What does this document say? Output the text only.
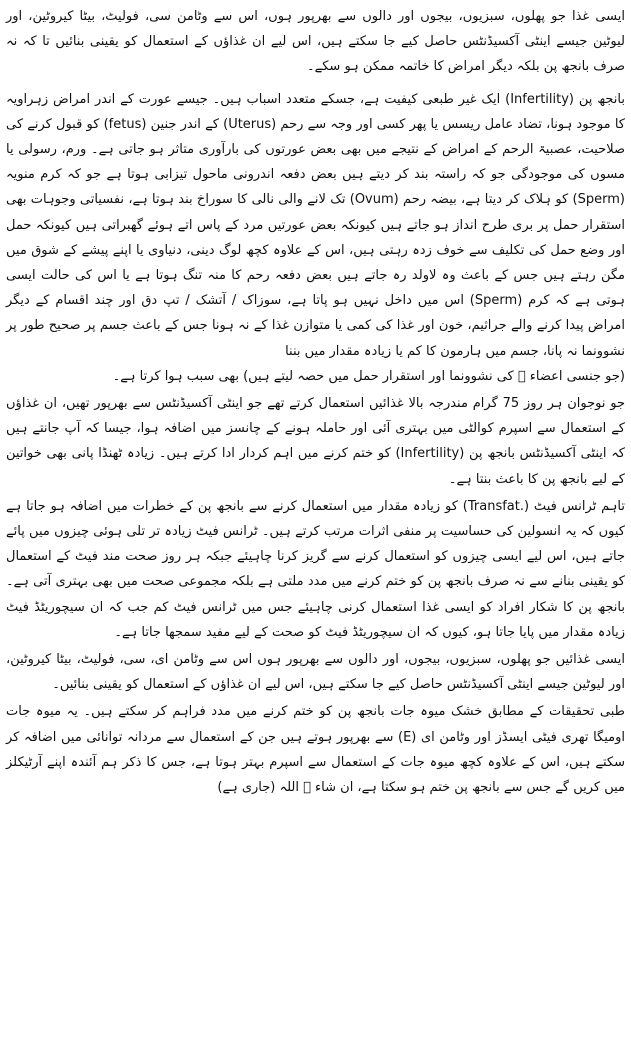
ایسی غذا جو پھلوں، سبزیوں، بیجوں اور دالوں سے بھرپور ہوں، اس سے وٹامن سی، فولیٹ، بیٹا کیروٹین، اور لیوٹین جیسے اینٹی آکسیڈنٹس حاصل کیے جا سکتے ہیں، اس لیے ان غذاؤں کے استعمال کو یقینی بنائیں تا کہ نہ صرف بانجھ پن بلکہ دیگر امراض کا خاتمہ ممکن ہو سکے۔

بانجھ پن (Infertility) ایک غیر طبعی کیفیت ہے، جسکے متعدد اسباب ہیں۔ جیسے عورت کے اندر امراض زہراویہ کا موجود ہونا، تضاد عامل ریسس یا پھر کسی اور وجہ سے رحم (Uterus) کے اندر جنین (fetus) کو قبول کرنے کی صلاحیت، عصبیۃ الرحم کے امراض کے نتیجے میں بھی بعض عورتوں کی بارآوری متاثر ہو جاتی ہے۔ ورم، رسولی یا مسوں کی موجودگی جو کہ راستہ بند کر دیتے ہیں بعض دفعہ اندرونی ماحول تیزابی ہوتا ہے جو کہ کرم منویہ (Sperm) کو ہلاک کر دیتا ہے، بیضہ رحم (Ovum) تک لانے والی نالی کا سوراخ بند ہوتا ہے، نفسیاتی وجوہات بھی استقرار حمل پر بری طرح انداز ہو جاتے ہیں کیونکہ بعض عورتیں مرد کے پاس اتے ہوئے گھبراتی ہیں کیونکہ حمل اور وضع حمل کی تکلیف سے خوف زدہ رہتی ہیں، اس کے علاوہ کچھ لوگ دینی، دنیاوی یا اپنے پیشے کے شوق میں مگن رہتے ہیں جس کے باعث وہ لاولد رہ جاتے ہیں بعض دفعہ رحم کا منہ تنگ ہوتا ہے یا اس کی حالت ایسی ہوتی ہے کہ کرم (Sperm) اس میں داخل نہیں ہو پاتا ہے، سوزاک / آتشک / تپ دق اور چند اقسام کے دیگر امراض پیدا کرنے والے جراثیم، خون اور غذا کی کمی یا متوازن غذا کے نہ ہونا جس کے باعث جسم پر صحیح طور پر نشوونما نہ پانا، جسم میں ہارمون کا کم یا زیادہ مقدار میں بننا

(جو جنسی اعضاء ⃞ کی نشوونما اور استقرار حمل میں حصہ لیتے ہیں) بھی سبب ہوا کرتا ہے۔

جو نوجوان ہر روز 75 گرام مندرجہ بالا غذائیں استعمال کرتے تھے جو اینٹی آکسیڈنٹس سے بھرپور تھیں، ان غذاؤں کے استعمال سے اسپرم کوالٹی میں بہتری آئی اور حاملہ ہونے کے چانسز میں اضافہ ہوا، جیسا کہ آپ جانتے ہیں کہ اینٹی آکسیڈنٹس بانجھ پن (Infertility) کو ختم کرنے میں اہم کردار ادا کرتے ہیں۔ زیادہ ٹھنڈا پانی بھی خواتین کے لیے بانجھ پن کا باعث بنتا ہے۔

تاہم ٹرانس فیٹ (.Transfat) کو زیادہ مقدار میں استعمال کرنے سے بانجھ پن کے خطرات میں اضافہ ہو جاتا ہے کیوں کہ یہ انسولین کی حساسیت پر منفی اثرات مرتب کرتے ہیں۔ ٹرانس فیٹ زیادہ تر تلی ہوئی چیزوں میں پائے جاتے ہیں، اس لیے ایسی چیزوں کو استعمال کرنے سے گریز کرنا چاہیئے جبکہ ہر روز صحت مند فیٹ کے استعمال کو یقینی بنانے سے نہ صرف بانجھ پن کو ختم کرنے میں مدد ملتی ہے بلکہ مجموعی صحت میں بھی بہتری آتی ہے۔ بانجھ پن کا شکار افراد کو ایسی غذا استعمال کرنی چاہیئے جس میں ٹرانس فیٹ کم جب کہ ان سیچوریٹڈ فیٹ زیادہ مقدار میں پایا جاتا ہو، کیوں کہ ان سیچوریٹڈ فیٹ کو صحت کے لیے مفید سمجھا جاتا ہے۔

ایسی غذائیں جو پھلوں، سبزیوں، بیجوں، اور دالوں سے بھرپور ہوں اس سے وٹامن ای، سی، فولیٹ، بیٹا کیروٹین، اور لیوٹین جیسے اینٹی آکسیڈنٹس حاصل کیے جا سکتے ہیں، اس لیے ان غذاؤں کے استعمال کو یقینی بنائیں۔

طبی تحقیقات کے مطابق خشک میوہ جات بانجھ پن کو ختم کرنے میں مدد فراہم کر سکتے ہیں۔ یہ میوہ جات اومیگا تھری فیٹی ایسڈز اور وٹامن ای (E) سے بھرپور ہوتے ہیں جن کے استعمال سے مردانہ توانائی میں اضافہ کر سکتے ہیں، اس کے علاوہ کچھ میوہ جات کے استعمال سے اسپرم بہتر ہوتا ہے، جس کا ذکر ہم آئندہ اپنے آرٹیکلز میں کریں گے جس سے بانجھ پن ختم ہو سکتا ہے، ان شاء ⃞ اللہ (جاری ہے)
